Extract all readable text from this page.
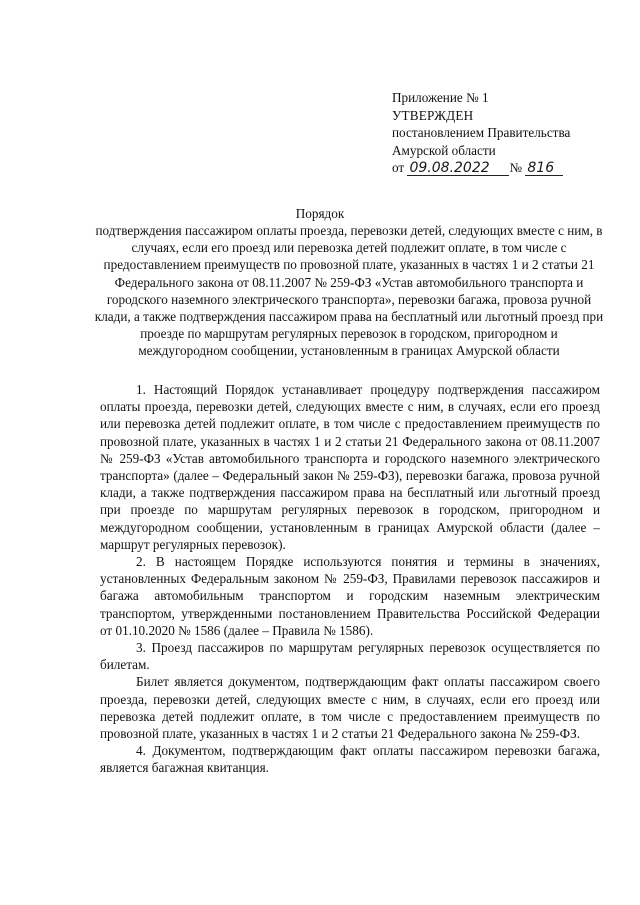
Приложение № 1
УТВЕРЖДЕН
постановлением Правительства
Амурской области
от 09.08.2022 № 816
Порядок
подтверждения пассажиром оплаты проезда, перевозки детей, следующих вместе с ним, в случаях, если его проезд или перевозка детей подлежит оплате, в том числе с предоставлением преимуществ по провозной плате, указанных в частях 1 и 2 статьи 21 Федерального закона от 08.11.2007 № 259-ФЗ «Устав автомобильного транспорта и городского наземного электрического транспорта», перевозки багажа, провоза ручной клади, а также подтверждения пассажиром права на бесплатный или льготный проезд при проезде по маршрутам регулярных перевозок в городском, пригородном и междугородном сообщении, установленным в границах Амурской области

1. Настоящий Порядок устанавливает процедуру подтверждения пассажиром оплаты проезда, перевозки детей, следующих вместе с ним, в случаях, если его проезд или перевозка детей подлежит оплате, в том числе с предоставлением преимуществ по провозной плате, указанных в частях 1 и 2 статьи 21 Федерального закона от 08.11.2007 № 259-ФЗ «Устав автомобильного транспорта и городского наземного электрического транспорта» (далее – Федеральный закон № 259-ФЗ), перевозки багажа, провоза ручной клади, а также подтверждения пассажиром права на бесплатный или льготный проезд при проезде по маршрутам регулярных перевозок в городском, пригородном и междугородном сообщении, установленным в границах Амурской области (далее – маршрут регулярных перевозок).

2. В настоящем Порядке используются понятия и термины в значениях, установленных Федеральным законом № 259-ФЗ, Правилами перевозок пассажиров и багажа автомобильным транспортом и городским наземным электрическим транспортом, утвержденными постановлением Правительства Российской Федерации от 01.10.2020 № 1586 (далее – Правила № 1586).

3. Проезд пассажиров по маршрутам регулярных перевозок осуществляется по билетам.

Билет является документом, подтверждающим факт оплаты пассажиром своего проезда, перевозки детей, следующих вместе с ним, в случаях, если его проезд или перевозка детей подлежит оплате, в том числе с предоставлением преимуществ по провозной плате, указанных в частях 1 и 2 статьи 21 Федерального закона № 259-ФЗ.

4. Документом, подтверждающим факт оплаты пассажиром перевозки багажа, является багажная квитанция.
